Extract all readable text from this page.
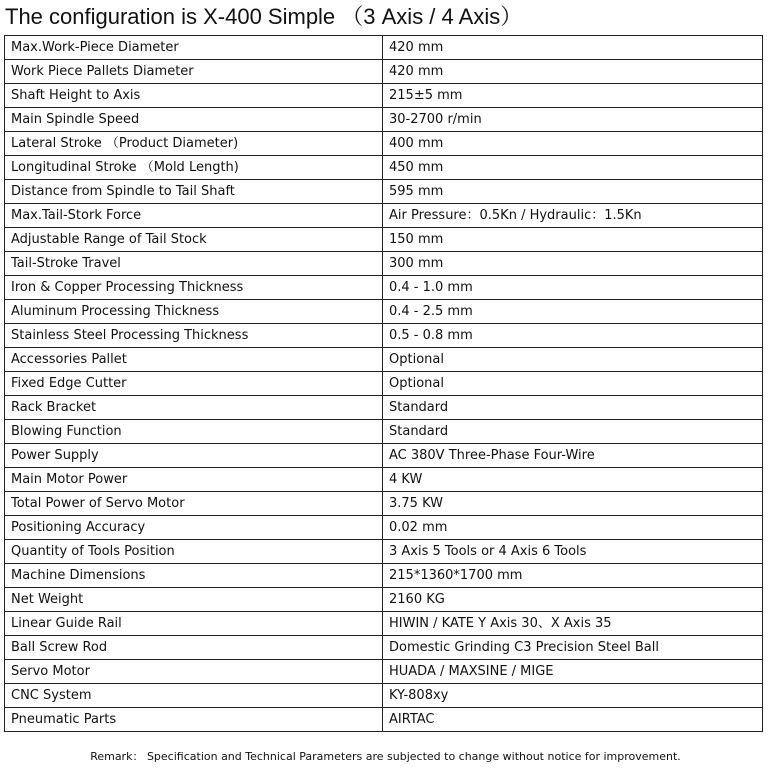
The configuration is X-400 Simple （3 Axis / 4 Axis）
Max.Work-Piece Diameter	420 mm
Work Piece Pallets Diameter	420 mm
Shaft Height to Axis	215±5 mm
Main Spindle Speed	30-2700 r/min
Lateral Stroke （Product Diameter)	400 mm
Longitudinal Stroke （Mold Length)	450 mm
Distance from Spindle to Tail Shaft	595 mm
Max.Tail-Stork Force	Air Pressure：0.5Kn / Hydraulic：1.5Kn
Adjustable Range of Tail Stock	150 mm
Tail-Stroke Travel	300 mm
Iron & Copper Processing Thickness	0.4 - 1.0 mm
Aluminum Processing Thickness	0.4 - 2.5 mm
Stainless Steel Processing Thickness	0.5 - 0.8 mm
Accessories Pallet	Optional
Fixed Edge Cutter	Optional
Rack Bracket	Standard
Blowing Function	Standard
Power Supply	AC 380V Three-Phase Four-Wire
Main Motor Power	4 KW
Total Power of Servo Motor	3.75 KW
Positioning Accuracy	0.02 mm
Quantity of Tools Position	3 Axis 5 Tools or 4 Axis 6 Tools
Machine Dimensions	215*1360*1700 mm
Net Weight	2160 KG
Linear Guide Rail	HIWIN / KATE Y Axis 30、X Axis 35
Ball Screw Rod	Domestic Grinding C3 Precision Steel Ball
Servo Motor	HUADA / MAXSINE / MIGE
CNC System	KY-808xy
Pneumatic Parts	AIRTAC
Remark： Specification and Technical Parameters are subjected to change without notice for improvement.
